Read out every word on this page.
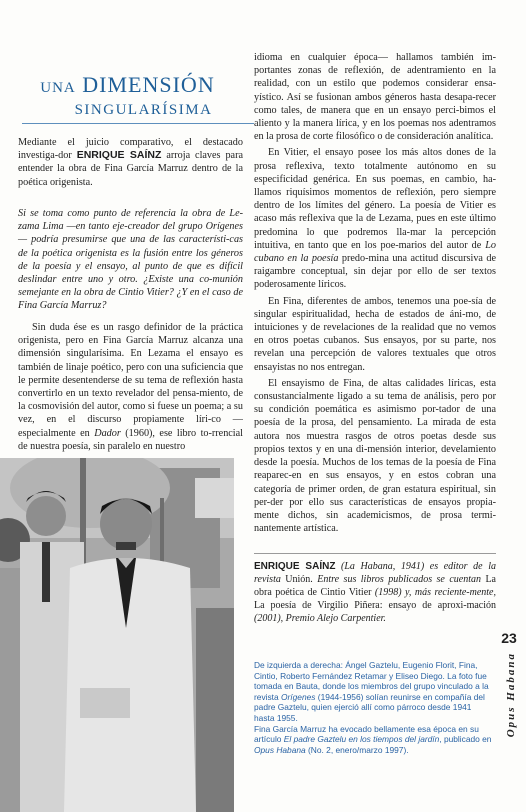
UNA DIMENSIÓN
SINGULARÍSIMA
Mediante el juicio comparativo, el destacado investiga-dor ENRIQUE SAÍNZ arroja claves para entender la obra de Fina García Marruz dentro de la poética origenista.
Si se toma como punto de referencia la obra de Le-zama Lima —en tanto eje-creador del grupo Orígenes— podría presumirse que una de las característi-cas de la poética origenista es la fusión entre los géneros de la poesía y el ensayo, al punto de que es difícil deslindar entre uno y otro. ¿Existe una co-munión semejante en la obra de Cintio Vitier? ¿Y en el caso de Fina García Marruz?

Sin duda ése es un rasgo definidor de la práctica origenista, pero en Fina García Marruz alcanza una dimensión singularísima. En Lezama el ensayo es también de linaje poético, pero con una suficiencia que le permite desentenderse de su tema de reflexión hasta convertirlo en un texto revelador del pensa-miento, de la cosmovisión del autor, como si fuese un poema; a su vez, en el discurso propiamente líri-co —especialmente en Dador (1960), ese libro to-rrencial de nuestra poesía, sin paralelo en nuestro

idioma en cualquier época— hallamos también im-portantes zonas de reflexión, de adentramiento en la realidad, con un estilo que podemos considerar ensa-yístico. Así se fusionan ambos géneros hasta desapa-recer como tales, de manera que en un ensayo perci-bimos el aliento y la manera lírica, y en los poemas nos adentramos en la prosa de corte filosófico o de consideración analítica.

En Vitier, el ensayo posee los más altos dones de la prosa reflexiva, texto totalmente autónomo en su especificidad genérica. En sus poemas, en cambio, ha-llamos riquísimos momentos de reflexión, pero siempre dentro de los límites del género. La poesía de Vitier es acaso más reflexiva que la de Lezama, pues en este último predomina lo que podremos lla-mar la percepción intuitiva, en tanto que en los poe-marios del autor de Lo cubano en la poesía predo-mina una actitud discursiva de raigambre conceptual, sin dejar por ello de ser textos poderosamente líricos.

En Fina, diferentes de ambos, tenemos una poe-sía de singular espiritualidad, hecha de estados de áni-mo, de intuiciones y de revelaciones de la realidad que no vemos en otros poetas cubanos. Sus ensayos, por su parte, nos revelan una percepción de valores textuales que otros ensayistas no nos entregan.

El ensayismo de Fina, de altas calidades líricas, esta consustancialmente ligado a su tema de análisis, pero por su condición poemática es asimismo por-tador de una poesía de la prosa, del pensamiento. La mirada de esta autora nos muestra rasgos de otros poetas desde sus propios textos y en una di-mensión interior, develamiento desde la poesía. Muchos de los temas de la poesía de Fina reaparec-en en sus ensayos, y en estos cobran una categoría de primer orden, de gran estatura espiritual, sin per-der por ello sus características de ensayos propia-mente dichos, sin academicismos, de prosa termi-nantemente artística.

ENRIQUE SAÍNZ (La Habana, 1941) es editor de la revista Unión. Entre sus libros publicados se cuentan La obra poética de Cintio Vitier (1998) y, más reciente-mente, La poesía de Virgilio Piñera: ensayo de aproxi-mación (2001), Premio Alejo Carpentier.
23
Opus Habana

De izquierda a derecha: Ángel Gaztelu, Eugenio Florit, Fina, Cintio, Roberto Fernández Retamar y Eliseo Diego. La foto fue tomada en Bauta, donde los miembros del grupo vinculado a la revista Orígenes (1944-1956) solían reunirse en compañía del padre Gaztelu, quien ejerció allí como párroco desde 1941 hasta 1955.

Fina García Marruz ha evocado bellamente esa época en su artículo El padre Gaztelu en los tiempos del jardín, publicado en Opus Habana (No. 2, enero/marzo 1997).
